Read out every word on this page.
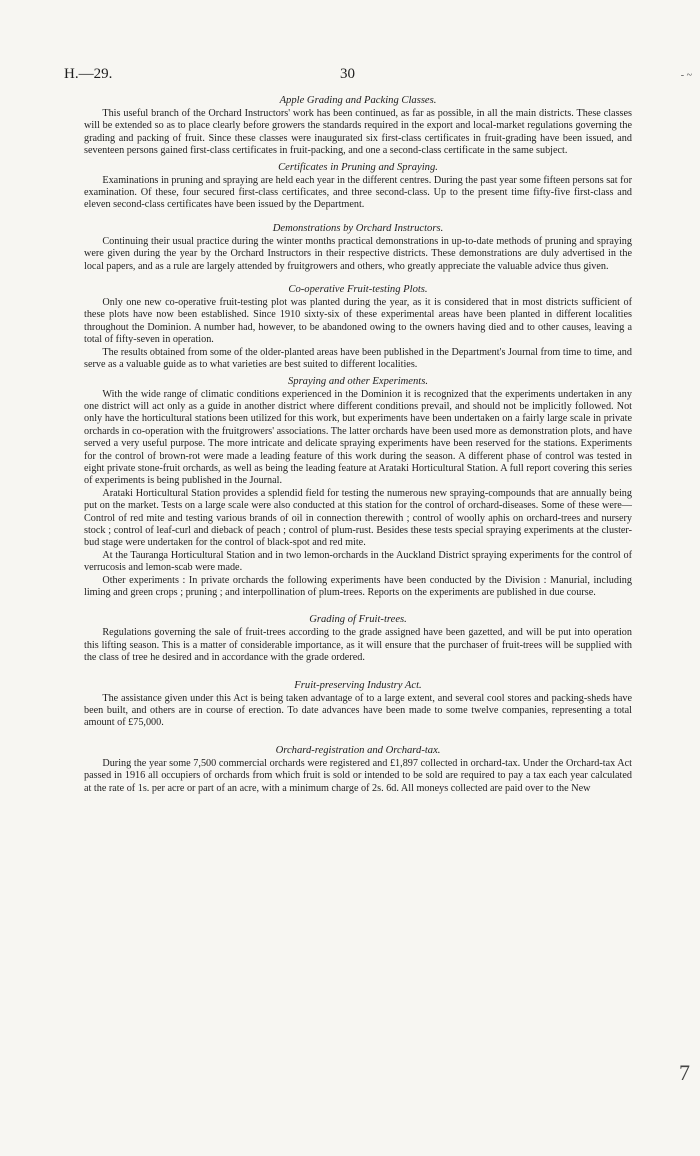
H.—29.	30	- ~
Apple Grading and Packing Classes.

This useful branch of the Orchard Instructors' work has been continued, as far as possible, in all the main districts. These classes will be extended so as to place clearly before growers the standards required in the export and local-market regulations governing the grading and packing of fruit. Since these classes were inaugurated six first-class certificates in fruit-grading have been issued, and seventeen persons gained first-class certificates in fruit-packing, and one a second-class certificate in the same subject.

Certificates in Pruning and Spraying.

Examinations in pruning and spraying are held each year in the different centres. During the past year some fifteen persons sat for examination. Of these, four secured first-class certificates, and three second-class. Up to the present time fifty-five first-class and eleven second-class certificates have been issued by the Department.

Demonstrations by Orchard Instructors.

Continuing their usual practice during the winter months practical demonstrations in up-to-date methods of pruning and spraying were given during the year by the Orchard Instructors in their respective districts. These demonstrations are duly advertised in the local papers, and as a rule are largely attended by fruitgrowers and others, who greatly appreciate the valuable advice thus given.

Co-operative Fruit-testing Plots.

Only one new co-operative fruit-testing plot was planted during the year, as it is considered that in most districts sufficient of these plots have now been established. Since 1910 sixty-six of these experimental areas have been planted in different localities throughout the Dominion. A number had, however, to be abandoned owing to the owners having died and to other causes, leaving a total of fifty-seven in operation.

The results obtained from some of the older-planted areas have been published in the Department's Journal from time to time, and serve as a valuable guide as to what varieties are best suited to different localities.

Spraying and other Experiments.

With the wide range of climatic conditions experienced in the Dominion it is recognized that the experiments undertaken in any one district will act only as a guide in another district where different conditions prevail, and should not be implicitly followed. Not only have the horticultural stations been utilized for this work, but experiments have been undertaken on a fairly large scale in private orchards in co-operation with the fruitgrowers' associations. The latter orchards have been used more as demonstration plots, and have served a very useful purpose. The more intricate and delicate spraying experiments have been reserved for the stations. Experiments for the control of brown-rot were made a leading feature of this work during the season. A different phase of control was tested in eight private stone-fruit orchards, as well as being the leading feature at Arataki Horticultural Station. A full report covering this series of experiments is being published in the Journal.

Arataki Horticultural Station provides a splendid field for testing the numerous new spraying-compounds that are annually being put on the market. Tests on a large scale were also conducted at this station for the control of orchard-diseases. Some of these were— Control of red mite and testing various brands of oil in connection therewith ; control of woolly aphis on orchard-trees and nursery stock ; control of leaf-curl and dieback of peach ; control of plum-rust. Besides these tests special spraying experiments at the cluster-bud stage were undertaken for the control of black-spot and red mite.

At the Tauranga Horticultural Station and in two lemon-orchards in the Auckland District spraying experiments for the control of verrucosis and lemon-scab were made.

Other experiments : In private orchards the following experiments have been conducted by the Division : Manurial, including liming and green crops ; pruning ; and interpollination of plum-trees. Reports on the experiments are published in due course.

Grading of Fruit-trees.

Regulations governing the sale of fruit-trees according to the grade assigned have been gazetted, and will be put into operation this lifting season. This is a matter of considerable importance, as it will ensure that the purchaser of fruit-trees will be supplied with the class of tree he desired and in accordance with the grade ordered.

Fruit-preserving Industry Act.

The assistance given under this Act is being taken advantage of to a large extent, and several cool stores and packing-sheds have been built, and others are in course of erection. To date advances have been made to some twelve companies, representing a total amount of £75,000.

Orchard-registration and Orchard-tax.

During the year some 7,500 commercial orchards were registered and £1,897 collected in orchard-tax. Under the Orchard-tax Act passed in 1916 all occupiers of orchards from which fruit is sold or intended to be sold are required to pay a tax each year calculated at the rate of 1s. per acre or part of an acre, with a minimum charge of 2s. 6d. All moneys collected are paid over to the New

7
